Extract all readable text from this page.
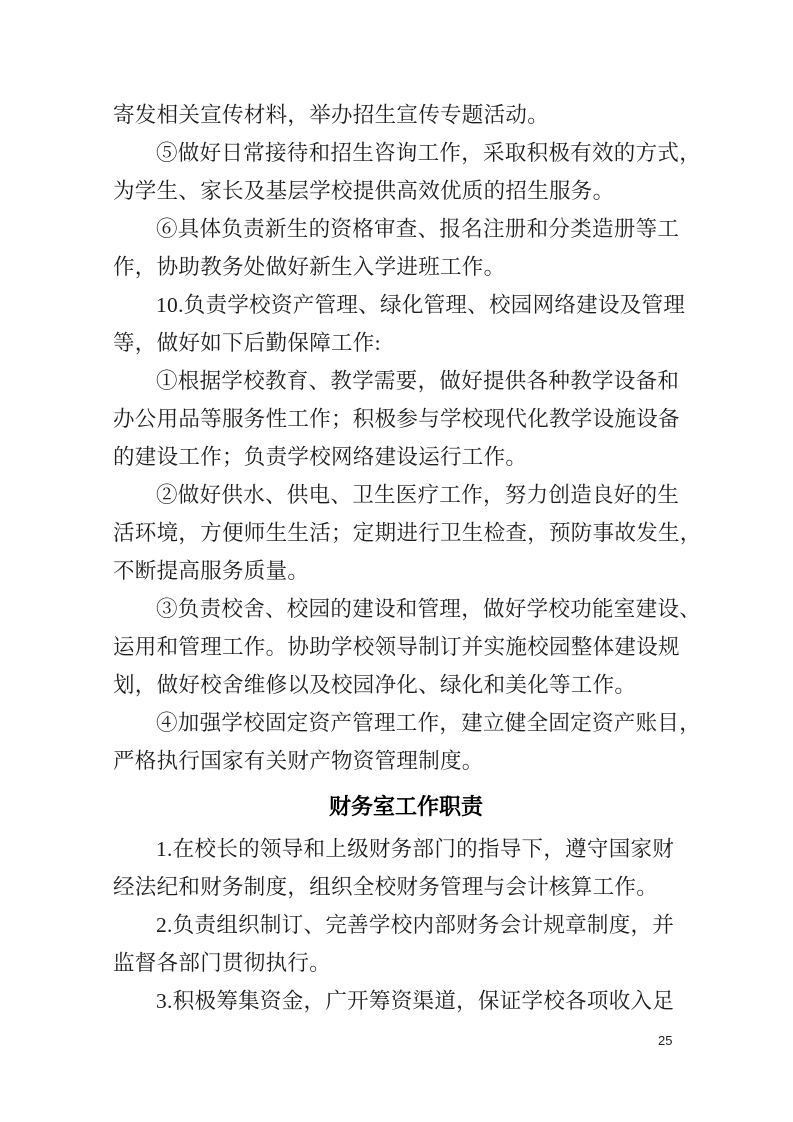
寄发相关宣传材料，举办招生宣传专题活动。
⑤做好日常接待和招生咨询工作，采取积极有效的方式，
为学生、家长及基层学校提供高效优质的招生服务。
⑥具体负责新生的资格审查、报名注册和分类造册等工
作，协助教务处做好新生入学进班工作。
10.负责学校资产管理、绿化管理、校园网络建设及管理
等，做好如下后勤保障工作:
①根据学校教育、教学需要，做好提供各种教学设备和
办公用品等服务性工作；积极参与学校现代化教学设施设备
的建设工作；负责学校网络建设运行工作。
②做好供水、供电、卫生医疗工作，努力创造良好的生
活环境，方便师生生活；定期进行卫生检查，预防事故发生，
不断提高服务质量。
③负责校舍、校园的建设和管理，做好学校功能室建设、
运用和管理工作。协助学校领导制订并实施校园整体建设规
划，做好校舍维修以及校园净化、绿化和美化等工作。
④加强学校固定资产管理工作，建立健全固定资产账目，
严格执行国家有关财产物资管理制度。
财务室工作职责
1.在校长的领导和上级财务部门的指导下，遵守国家财
经法纪和财务制度，组织全校财务管理与会计核算工作。
2.负责组织制订、完善学校内部财务会计规章制度，并
监督各部门贯彻执行。
3.积极筹集资金，广开筹资渠道，保证学校各项收入足
25
